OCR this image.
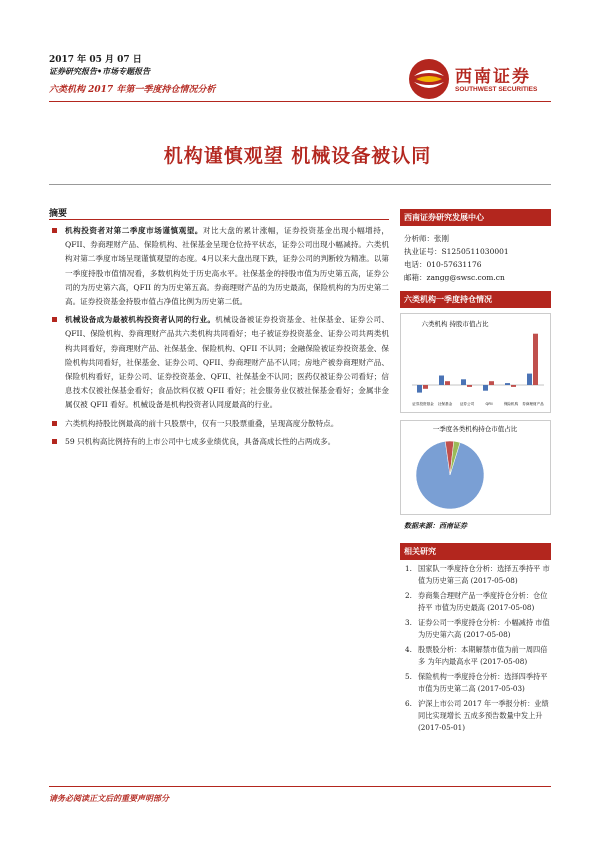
2017 年 05 月 07 日
证券研究报告•市场专题报告
六类机构 2017 年第一季度持仓情况分析
西南证券
SOUTHWEST SECURITIES
机构谨慎观望 机械设备被认同
摘要
机构投资者对第二季度市场谨慎观望。对比大盘的累计涨幅，证券投资基金出现小幅增持，QFII、券商理财产品、保险机构、社保基金呈现仓位持平状态，证券公司出现小幅减持。六类机构对第二季度市场呈现谨慎观望的态度。4月以来大盘出现下跌，证券公司的判断较为精准。以第一季度持股市值情况看，多数机构处于历史高水平。社保基金的持股市值为历史第五高，证券公司的为历史第六高，QFII 的为历史第五高。券商理财产品的为历史最高，保险机构的为历史第二高。证券投资基金持股市值占净值比例为历史第二低。
机械设备成为最被机构投资者认同的行业。机械设备被证券投资基金、社保基金、证券公司、QFII、保险机构、券商理财产品共六类机构共同看好；电子被证券投资基金、证券公司共两类机构共同看好，券商理财产品、社保基金、保险机构、QFII 不认同；金融保险被证券投资基金、保险机构共同看好，社保基金、证券公司、QFII、券商理财产品不认同；房地产被券商理财产品、保险机构看好，证券公司、证券投资基金、QFII、社保基金不认同；医药仅被证券公司看好；信息技术仅被社保基金看好；食品饮料仅被 QFII 看好；社会服务业仅被社保基金看好；金属非金属仅被 QFII 看好。机械设备是机构投资者认同度最高的行业。
六类机构持股比例最高的前十只股票中，仅有一只股票重叠，呈现高度分散特点。
59 只机构高比例持有的上市公司中七成多业绩优良，具备高成长性的占两成多。
西南证券研究发展中心
分析师：张刚
执业证号：S1250511030001
电话：010-57631176
邮箱：zangg@swsc.com.cn
六类机构一季度持仓情况
六类机构 持股市值占比
证券投资基金 社保基金 证券公司	QFII	保险机构 券商理财产品
一季度各类机构持仓市值占比
数据来源：西南证券
相关研究
1. 国家队一季度持仓分析：选择五季持平 市值为历史第三高 (2017-05-08)
2. 券商集合理财产品一季度持仓分析：仓位持平 市值为历史最高 (2017-05-08)
3. 证券公司一季度持仓分析：小幅减持 市值为历史第六高 (2017-05-08)
4. 股票股分析：本期解禁市值为前一周四倍多 为年内最高水平 (2017-05-08)
5. 保险机构一季度持仓分析：选择四季持平 市值为历史第二高 (2017-05-03)
6. 沪深上市公司 2017 年一季报分析：业绩同比实现增长 五成多预告数量中发上升 (2017-05-01)
请务必阅读正文后的重要声明部分
